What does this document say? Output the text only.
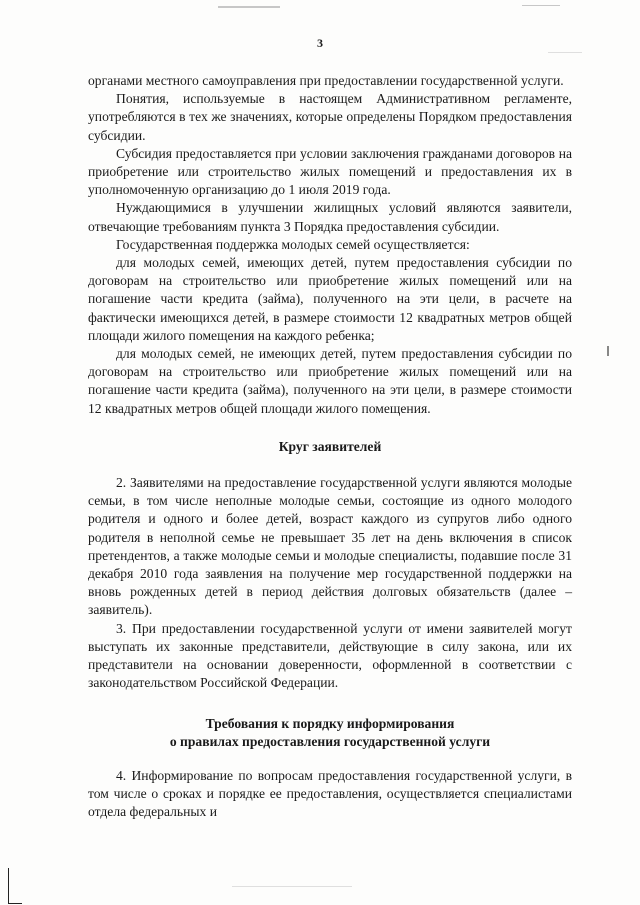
3

органами местного самоуправления при предоставлении государственной услуги.

Понятия, используемые в настоящем Административном регламенте, употребляются в тех же значениях, которые определены Порядком предоставления субсидии.

Субсидия предоставляется при условии заключения гражданами договоров на приобретение или строительство жилых помещений и предоставления их в уполномоченную организацию до 1 июля 2019 года.

Нуждающимися в улучшении жилищных условий являются заявители, отвечающие требованиям пункта 3 Порядка предоставления субсидии.

Государственная поддержка молодых семей осуществляется:

для молодых семей, имеющих детей, путем предоставления субсидии по договорам на строительство или приобретение жилых помещений или на погашение части кредита (займа), полученного на эти цели, в расчете на фактически имеющихся детей, в размере стоимости 12 квадратных метров общей площади жилого помещения на каждого ребенка;

для молодых семей, не имеющих детей, путем предоставления субсидии по договорам на строительство или приобретение жилых помещений или на погашение части кредита (займа), полученного на эти цели, в размере стоимости 12 квадратных метров общей площади жилого помещения.

Круг заявителей

2. Заявителями на предоставление государственной услуги являются молодые семьи, в том числе неполные молодые семьи, состоящие из одного молодого родителя и одного и более детей, возраст каждого из супругов либо одного родителя в неполной семье не превышает 35 лет на день включения в список претендентов, а также молодые семьи и молодые специалисты, подавшие после 31 декабря 2010 года заявления на получение мер государственной поддержки на вновь рожденных детей в период действия долговых обязательств (далее – заявитель).

3. При предоставлении государственной услуги от имени заявителей могут выступать их законные представители, действующие в силу закона, или их представители на основании доверенности, оформленной в соответствии с законодательством Российской Федерации.

Требования к порядку информирования

о правилах предоставления государственной услуги

4. Информирование по вопросам предоставления государственной услуги, в том числе о сроках и порядке ее предоставления, осуществляется специалистами отдела федеральных и
